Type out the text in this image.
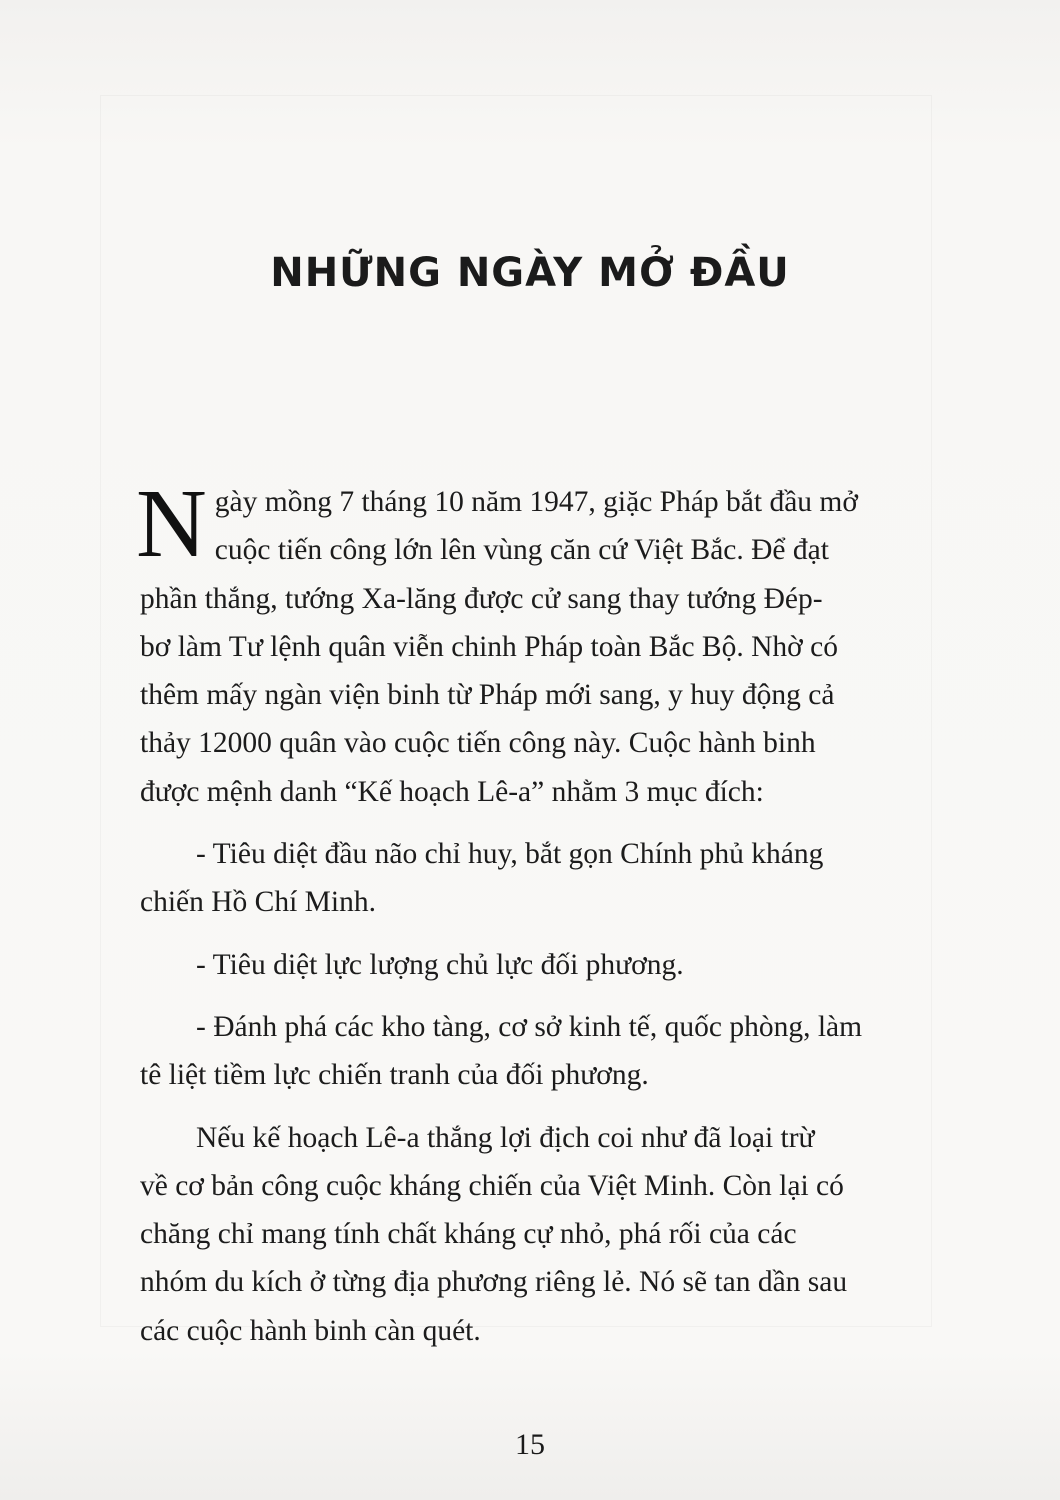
NHỮNG NGÀY MỞ ĐẦU
N gày mồng 7 tháng 10 năm 1947, giặc Pháp bắt đầu mở
cuộc tiến công lớn lên vùng căn cứ Việt Bắc. Để đạt
phần thắng, tướng Xa-lăng được cử sang thay tướng Đép-
bơ làm Tư lệnh quân viễn chinh Pháp toàn Bắc Bộ. Nhờ có
thêm mấy ngàn viện binh từ Pháp mới sang, y huy động cả
thảy 12000 quân vào cuộc tiến công này. Cuộc hành binh
được mệnh danh “Kế hoạch Lê-a” nhằm 3 mục đích:
- Tiêu diệt đầu não chỉ huy, bắt gọn Chính phủ kháng
chiến Hồ Chí Minh.
- Tiêu diệt lực lượng chủ lực đối phương.
- Đánh phá các kho tàng, cơ sở kinh tế, quốc phòng, làm
tê liệt tiềm lực chiến tranh của đối phương.
Nếu kế hoạch Lê-a thắng lợi địch coi như đã loại trừ
về cơ bản công cuộc kháng chiến của Việt Minh. Còn lại có
chăng chỉ mang tính chất kháng cự nhỏ, phá rối của các
nhóm du kích ở từng địa phương riêng lẻ. Nó sẽ tan dần sau
các cuộc hành binh càn quét.
15
